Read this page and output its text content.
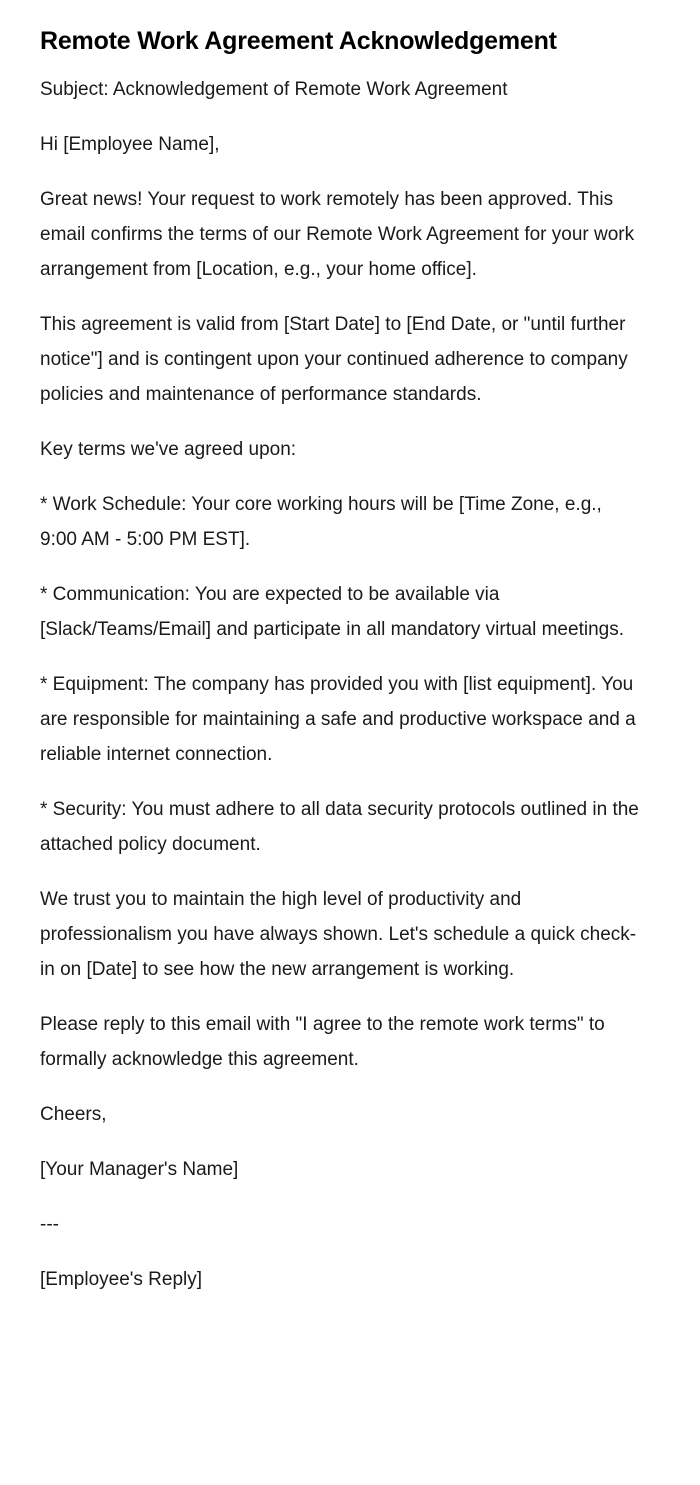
Remote Work Agreement Acknowledgement

Subject: Acknowledgement of Remote Work Agreement

Hi [Employee Name],

Great news! Your request to work remotely has been approved. This email confirms the terms of our Remote Work Agreement for your work arrangement from [Location, e.g., your home office].

This agreement is valid from [Start Date] to [End Date, or "until further notice"] and is contingent upon your continued adherence to company policies and maintenance of performance standards.

Key terms we've agreed upon:

* Work Schedule: Your core working hours will be [Time Zone, e.g., 9:00 AM - 5:00 PM EST].

* Communication: You are expected to be available via [Slack/Teams/Email] and participate in all mandatory virtual meetings.

* Equipment: The company has provided you with [list equipment]. You are responsible for maintaining a safe and productive workspace and a reliable internet connection.

* Security: You must adhere to all data security protocols outlined in the attached policy document.

We trust you to maintain the high level of productivity and professionalism you have always shown. Let's schedule a quick check-in on [Date] to see how the new arrangement is working.

Please reply to this email with "I agree to the remote work terms" to formally acknowledge this agreement.

Cheers,

[Your Manager's Name]

---

[Employee's Reply]
